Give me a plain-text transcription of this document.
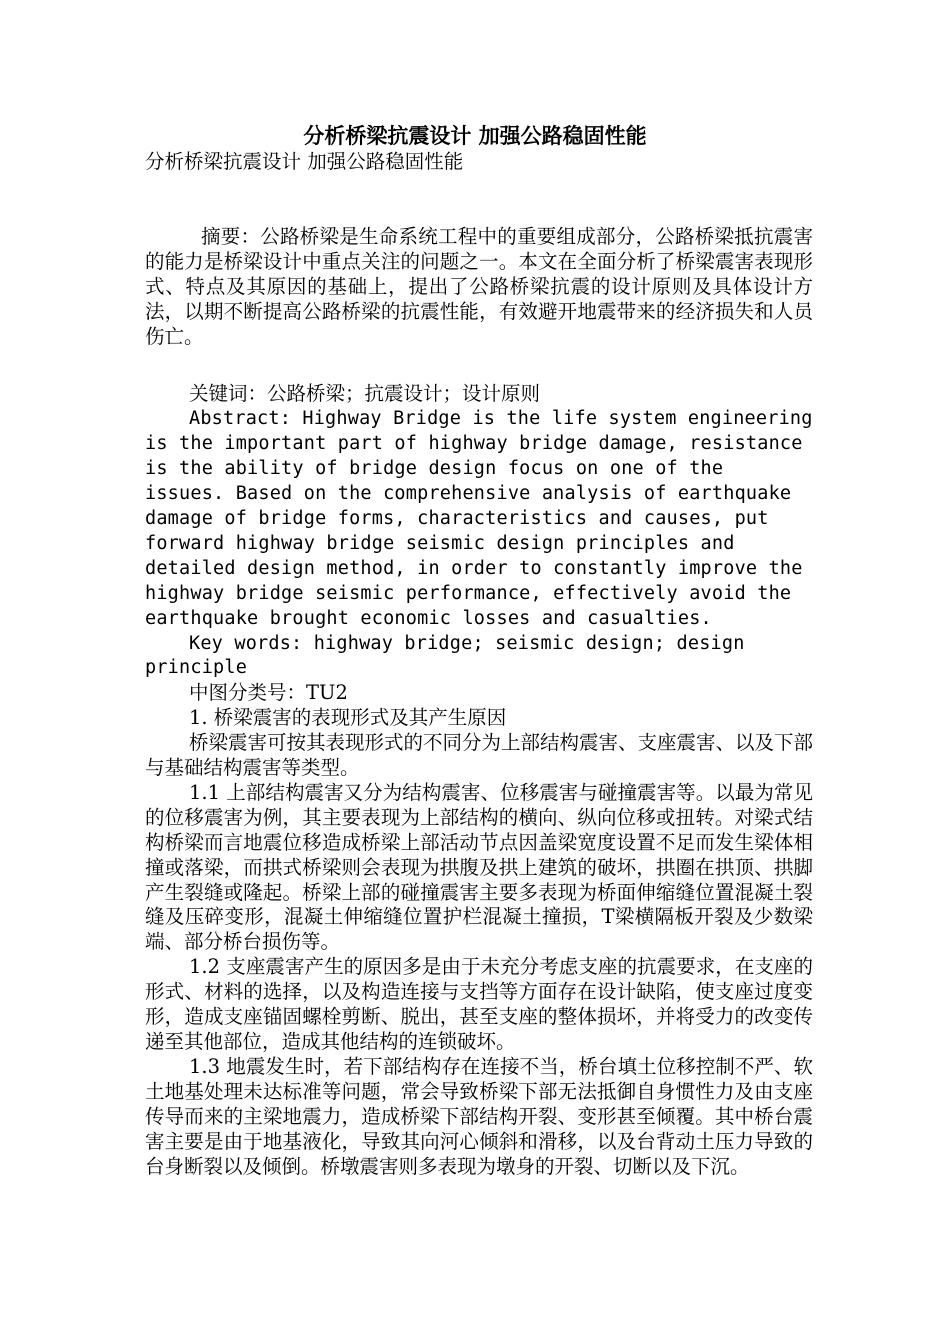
分析桥梁抗震设计 加强公路稳固性能

分析桥梁抗震设计 加强公路稳固性能

摘要：公路桥梁是生命系统工程中的重要组成部分，公路桥梁抵抗震害的能力是桥梁设计中重点关注的问题之一。本文在全面分析了桥梁震害表现形式、特点及其原因的基础上，提出了公路桥梁抗震的设计原则及具体设计方法，以期不断提高公路桥梁的抗震性能，有效避开地震带来的经济损失和人员伤亡。

关键词：公路桥梁；抗震设计；设计原则

Abstract: Highway Bridge is the life system engineering is the important part of highway bridge damage, resistance is the ability of bridge design focus on one of the issues. Based on the comprehensive analysis of earthquake damage of bridge forms, characteristics and causes, put forward highway bridge seismic design principles and detailed design method, in order to constantly improve the highway bridge seismic performance, effectively avoid the earthquake brought economic losses and casualties.

Key words: highway bridge; seismic design; design principle

中图分类号：TU2

1. 桥梁震害的表现形式及其产生原因

桥梁震害可按其表现形式的不同分为上部结构震害、支座震害、以及下部与基础结构震害等类型。

1.1 上部结构震害又分为结构震害、位移震害与碰撞震害等。以最为常见的位移震害为例，其主要表现为上部结构的横向、纵向位移或扭转。对梁式结构桥梁而言地震位移造成桥梁上部活动节点因盖梁宽度设置不足而发生梁体相撞或落梁，而拱式桥梁则会表现为拱腹及拱上建筑的破坏，拱圈在拱顶、拱脚产生裂缝或隆起。桥梁上部的碰撞震害主要多表现为桥面伸缩缝位置混凝土裂缝及压碎变形，混凝土伸缩缝位置护栏混凝土撞损，T梁横隔板开裂及少数梁端、部分桥台损伤等。

1.2 支座震害产生的原因多是由于未充分考虑支座的抗震要求，在支座的形式、材料的选择，以及构造连接与支挡等方面存在设计缺陷，使支座过度变形，造成支座锚固螺栓剪断、脱出，甚至支座的整体损坏，并将受力的改变传递至其他部位，造成其他结构的连锁破坏。

1.3 地震发生时，若下部结构存在连接不当，桥台填土位移控制不严、软土地基处理未达标准等问题，常会导致桥梁下部无法抵御自身惯性力及由支座传导而来的主梁地震力，造成桥梁下部结构开裂、变形甚至倾覆。其中桥台震害主要是由于地基液化，导致其向河心倾斜和滑移，以及台背动土压力导致的台身断裂以及倾倒。桥墩震害则多表现为墩身的开裂、切断以及下沉。
